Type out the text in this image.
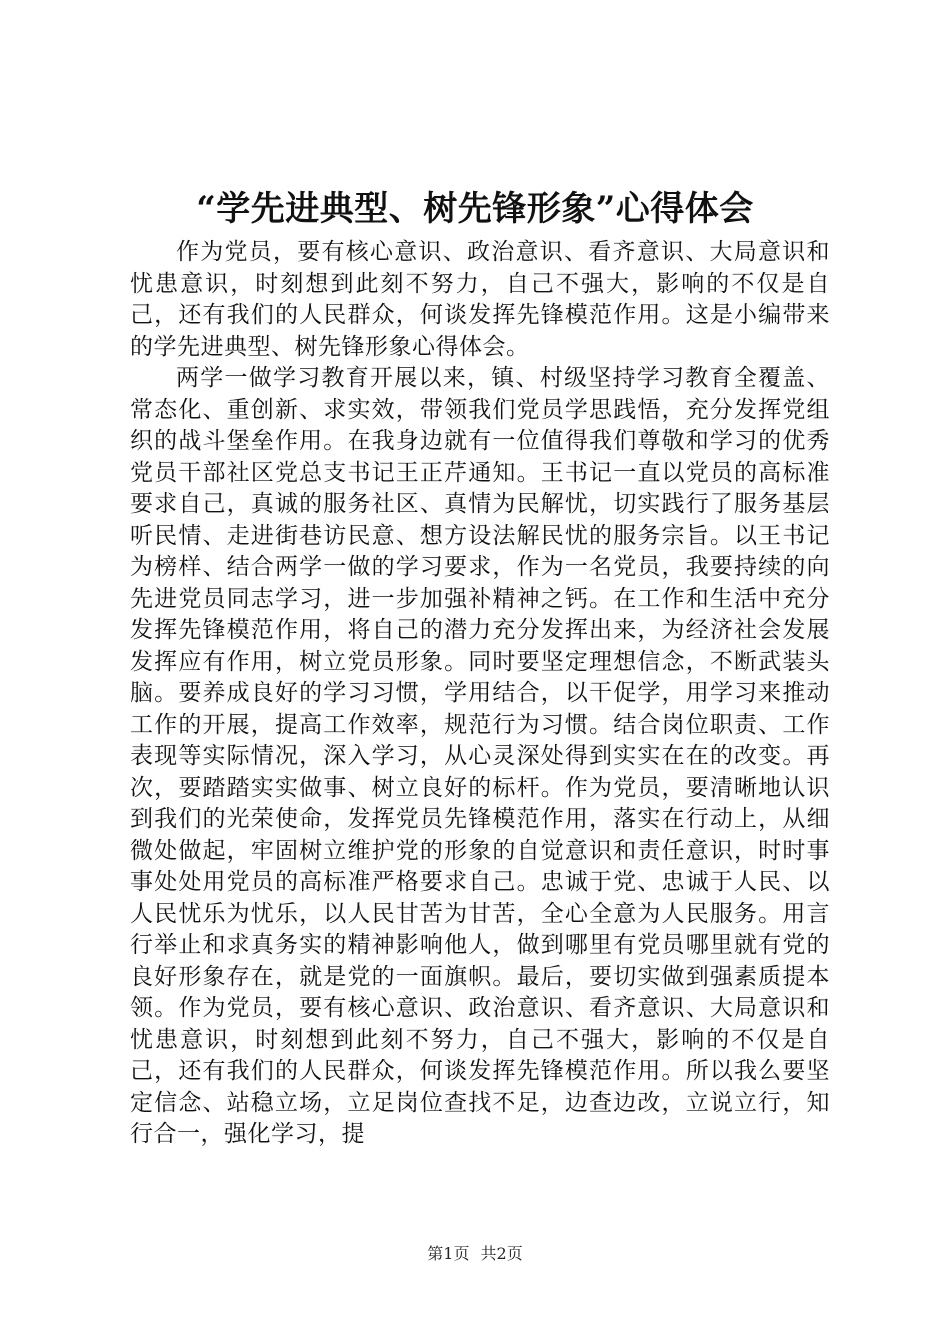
“学先进典型、树先锋形象”心得体会

作为党员，要有核心意识、政治意识、看齐意识、大局意识和忧患意识，时刻想到此刻不努力，自己不强大，影响的不仅是自己，还有我们的人民群众，何谈发挥先锋模范作用。这是小编带来的学先进典型、树先锋形象心得体会。

两学一做学习教育开展以来，镇、村级坚持学习教育全覆盖、常态化、重创新、求实效，带领我们党员学思践悟，充分发挥党组织的战斗堡垒作用。在我身边就有一位值得我们尊敬和学习的优秀党员干部社区党总支书记王正芹通知。王书记一直以党员的高标准要求自己，真诚的服务社区、真情为民解忧，切实践行了服务基层听民情、走进街巷访民意、想方设法解民忧的服务宗旨。以王书记为榜样、结合两学一做的学习要求，作为一名党员，我要持续的向先进党员同志学习，进一步加强补精神之钙。在工作和生活中充分发挥先锋模范作用，将自己的潜力充分发挥出来，为经济社会发展发挥应有作用，树立党员形象。同时要坚定理想信念，不断武装头脑。要养成良好的学习习惯，学用结合，以干促学，用学习来推动工作的开展，提高工作效率，规范行为习惯。结合岗位职责、工作表现等实际情况，深入学习，从心灵深处得到实实在在的改变。再次，要踏踏实实做事、树立良好的标杆。作为党员，要清晰地认识到我们的光荣使命，发挥党员先锋模范作用，落实在行动上，从细微处做起，牢固树立维护党的形象的自觉意识和责任意识，时时事事处处用党员的高标准严格要求自己。忠诚于党、忠诚于人民、以人民忧乐为忧乐，以人民甘苦为甘苦，全心全意为人民服务。用言行举止和求真务实的精神影响他人，做到哪里有党员哪里就有党的良好形象存在，就是党的一面旗帜。最后，要切实做到强素质提本领。作为党员，要有核心意识、政治意识、看齐意识、大局意识和忧患意识，时刻想到此刻不努力，自己不强大，影响的不仅是自己，还有我们的人民群众，何谈发挥先锋模范作用。所以我么要坚定信念、站稳立场，立足岗位查找不足，边查边改，立说立行，知行合一，强化学习，提

第1页 共2页
